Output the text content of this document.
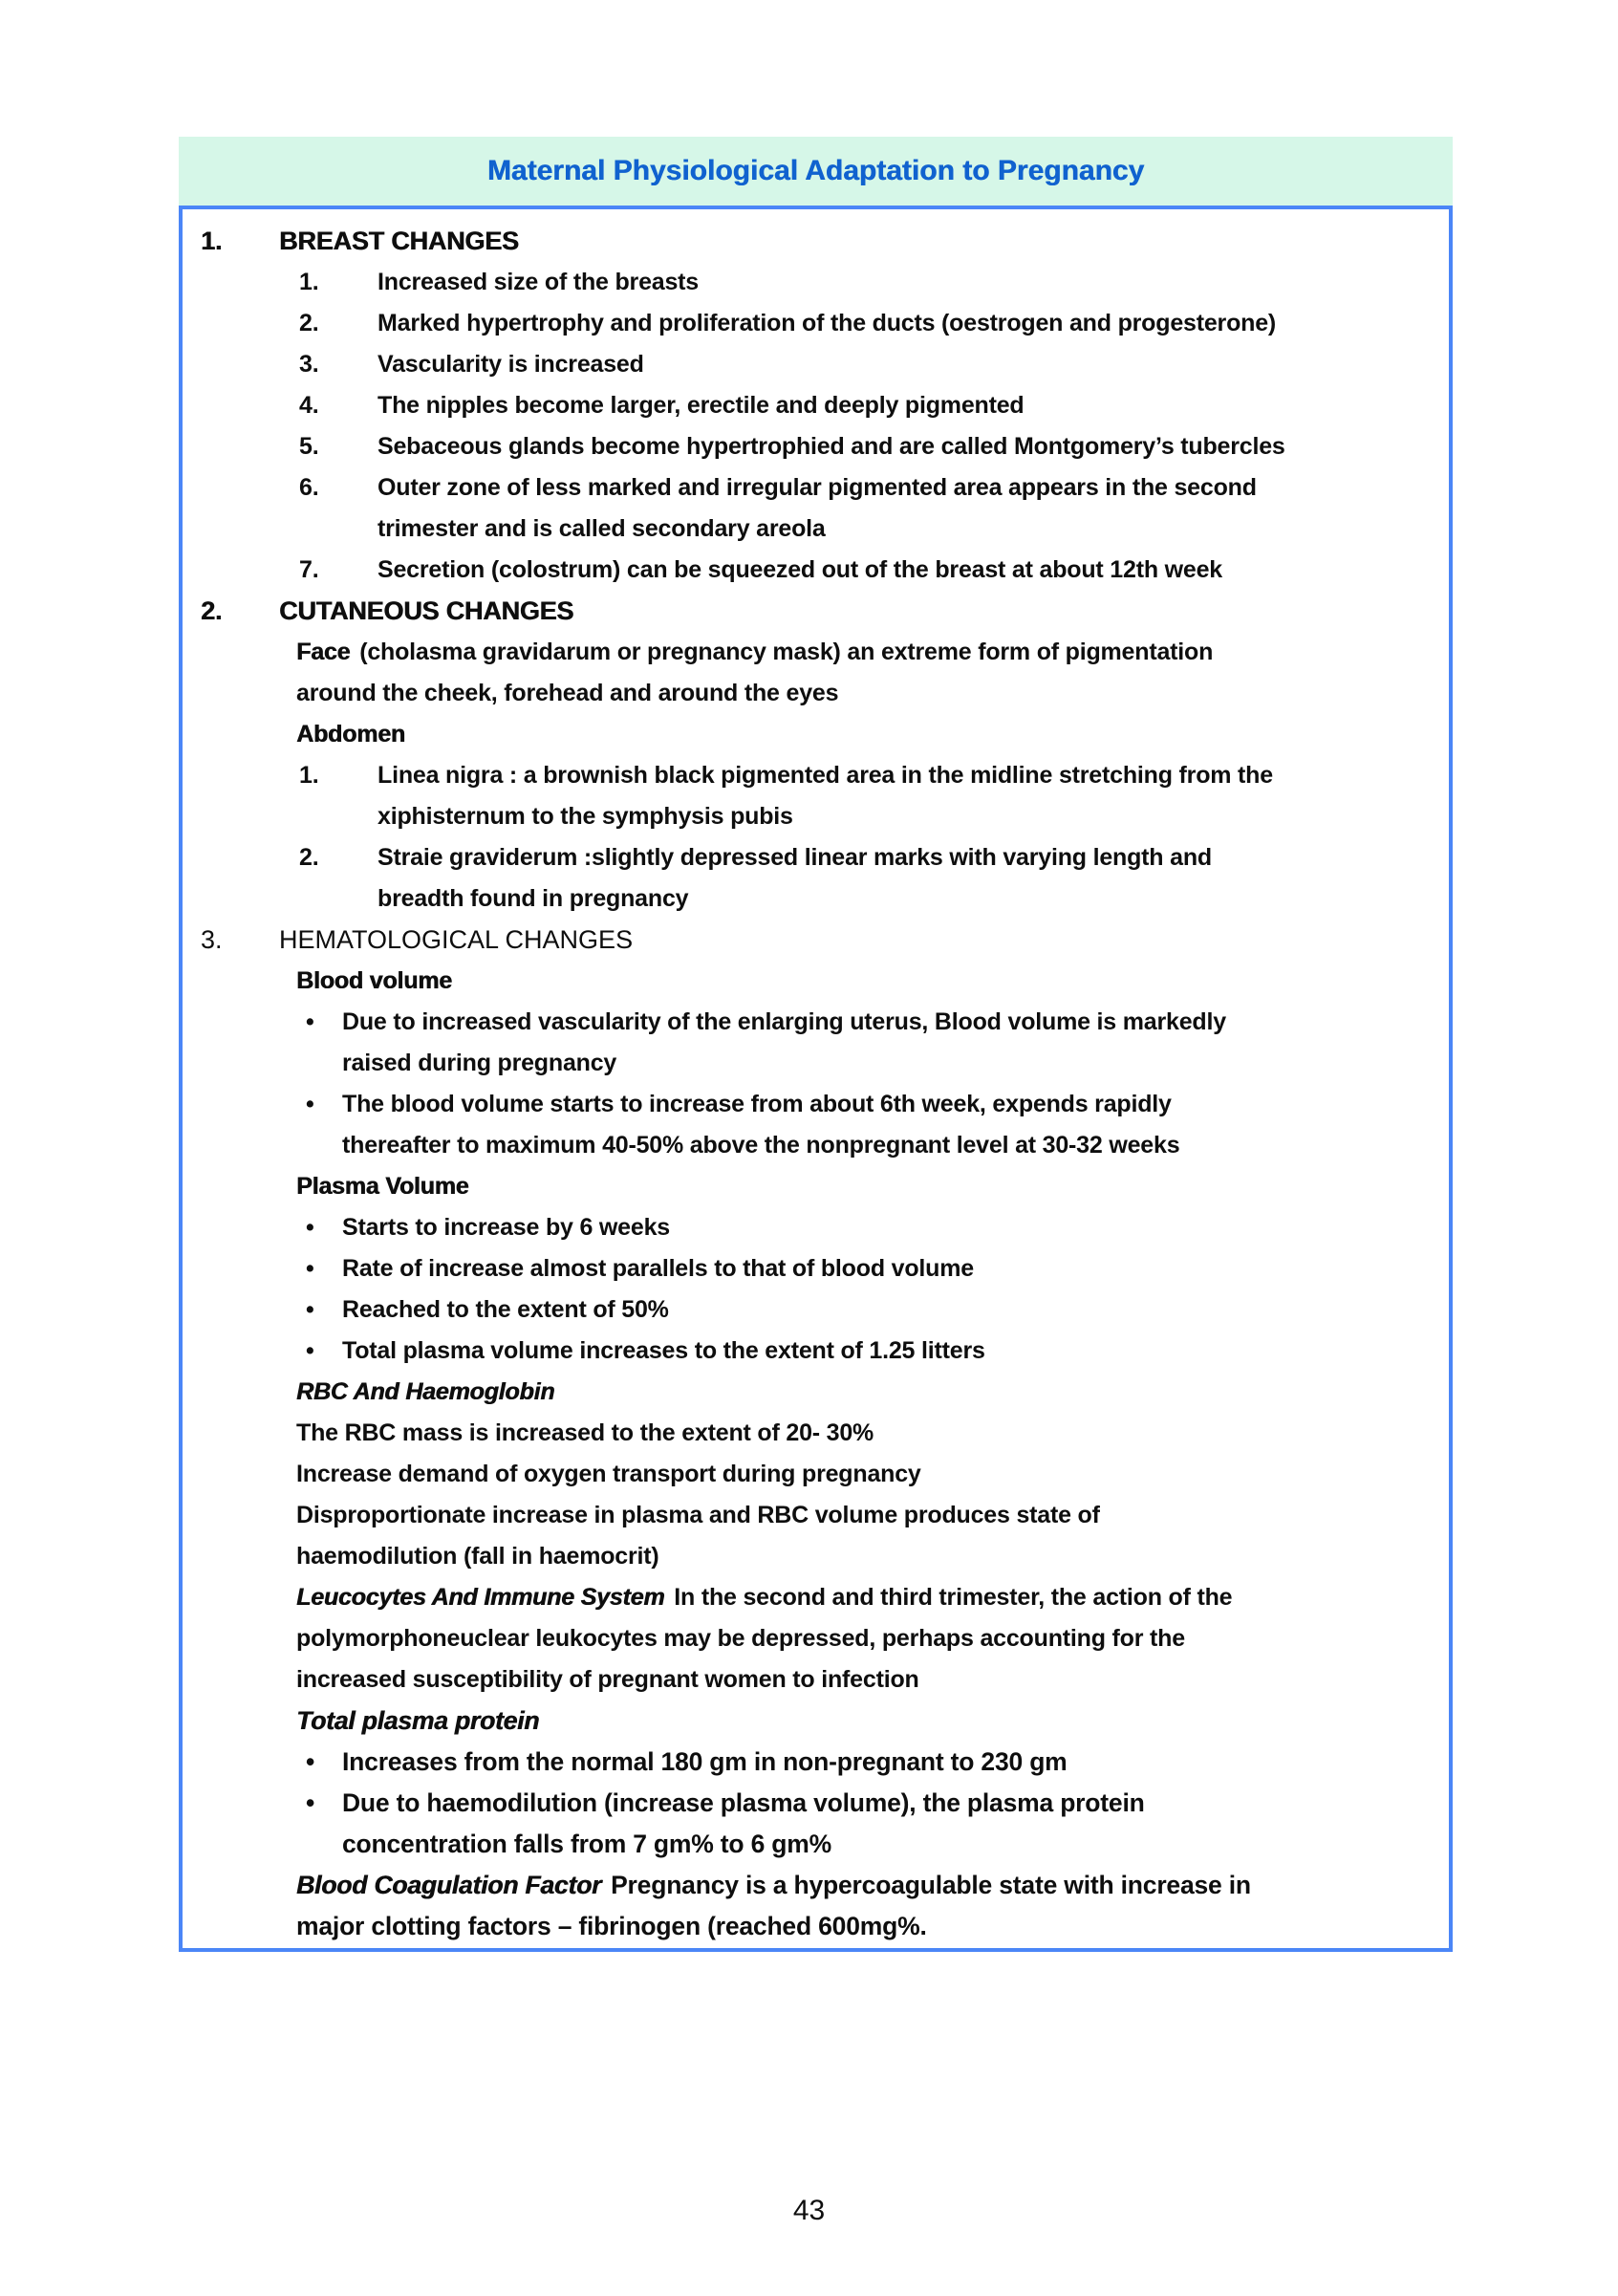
Maternal Physiological Adaptation to Pregnancy
1.	BREAST CHANGES
1.	Increased size of the breasts
2.	Marked hypertrophy and proliferation of the ducts (oestrogen and progesterone)
3.	Vascularity is increased
4.	The nipples become larger, erectile and deeply pigmented
5.	Sebaceous glands become hypertrophied and are called Montgomery’s tubercles
6.	Outer zone of less marked and irregular pigmented area appears in the second
trimester and is called secondary areola
7.	Secretion (colostrum) can be squeezed out of the breast at about 12th week
2.	CUTANEOUS CHANGES
Face (cholasma gravidarum or pregnancy mask) an extreme form of pigmentation
around the cheek, forehead and around the eyes
Abdomen
1.	Linea nigra : a brownish black pigmented area in the midline stretching from the
xiphisternum to the symphysis pubis
2.	Straie graviderum :slightly depressed linear marks with varying length and
breadth found in pregnancy
3.	HEMATOLOGICAL CHANGES
Blood volume
•	Due to increased vascularity of the enlarging uterus, Blood volume is markedly
raised during pregnancy
•	The blood volume starts to increase from about 6th week, expends rapidly
thereafter to maximum 40-50% above the nonpregnant level at 30-32 weeks
Plasma Volume
•	Starts to increase by 6 weeks
•	Rate of increase almost parallels to that of blood volume
•	Reached to the extent of 50%
•	Total plasma volume increases to the extent of 1.25 litters
RBC And Haemoglobin
The RBC mass is increased to the extent of 20- 30%
Increase demand of oxygen transport during pregnancy
Disproportionate increase in plasma and RBC volume produces state of
haemodilution (fall in haemocrit)
Leucocytes And Immune System In the second and third trimester, the action of the
polymorphoneuclear leukocytes may be depressed, perhaps accounting for the
increased susceptibility of pregnant women to infection
Total plasma protein
•	Increases from the normal 180 gm in non-pregnant to 230 gm
•	Due to haemodilution (increase plasma volume), the plasma protein
concentration falls from 7 gm% to 6 gm%
Blood Coagulation Factor Pregnancy is a hypercoagulable state with increase in
major clotting factors – fibrinogen (reached 600mg%.
43
